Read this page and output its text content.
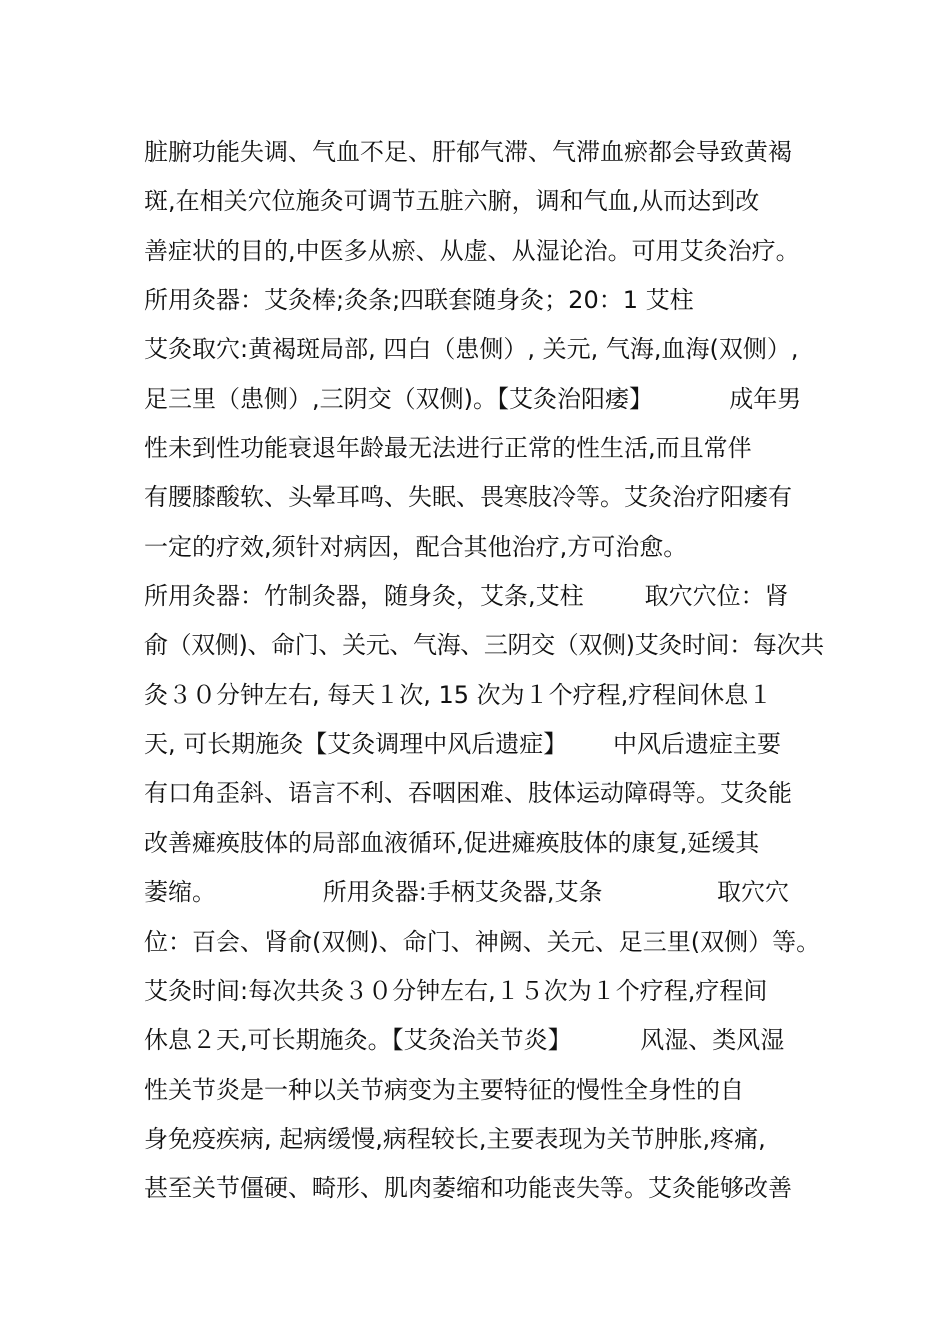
脏腑功能失调、气血不足、肝郁气滞、气滞血瘀都会导致黄褐
斑,在相关穴位施灸可调节五脏六腑，调和气血,从而达到改
善症状的目的,中医多从瘀、从虚、从湿论治。可用艾灸治疗。
所用灸器：艾灸棒;灸条;四联套随身灸；20：1 艾柱
艾灸取穴:黄褐斑局部, 四白（患侧）, 关元, 气海,血海(双侧）,
足三里（患侧）,三阴交（双侧)。【艾灸治阳痿】          成年男
性未到性功能衰退年龄最无法进行正常的性生活,而且常伴
有腰膝酸软、头晕耳鸣、失眠、畏寒肢冷等。艾灸治疗阳痿有
一定的疗效,须针对病因，配合其他治疗,方可治愈。
所用灸器：竹制灸器，随身灸，艾条,艾柱        取穴穴位：肾
俞（双侧)、命门、关元、气海、三阴交（双侧)艾灸时间：每次共
灸３０分钟左右, 每天１次, 15 次为１个疗程,疗程间休息１
天, 可长期施灸【艾灸调理中风后遗症】      中风后遗症主要
有口角歪斜、语言不利、吞咽困难、肢体运动障碍等。艾灸能
改善瘫痪肢体的局部血液循环,促进瘫痪肢体的康复,延缓其
萎缩。              所用灸器:手柄艾灸器,艾条               取穴穴
位：百会、肾俞(双侧)、命门、神阙、关元、足三里(双侧）等。
艾灸时间:每次共灸３０分钟左右,１５次为１个疗程,疗程间
休息２天,可长期施灸。【艾灸治关节炎】         风湿、类风湿
性关节炎是一种以关节病变为主要特征的慢性全身性的自
身免疫疾病, 起病缓慢,病程较长,主要表现为关节肿胀,疼痛,
甚至关节僵硬、畸形、肌肉萎缩和功能丧失等。艾灸能够改善
